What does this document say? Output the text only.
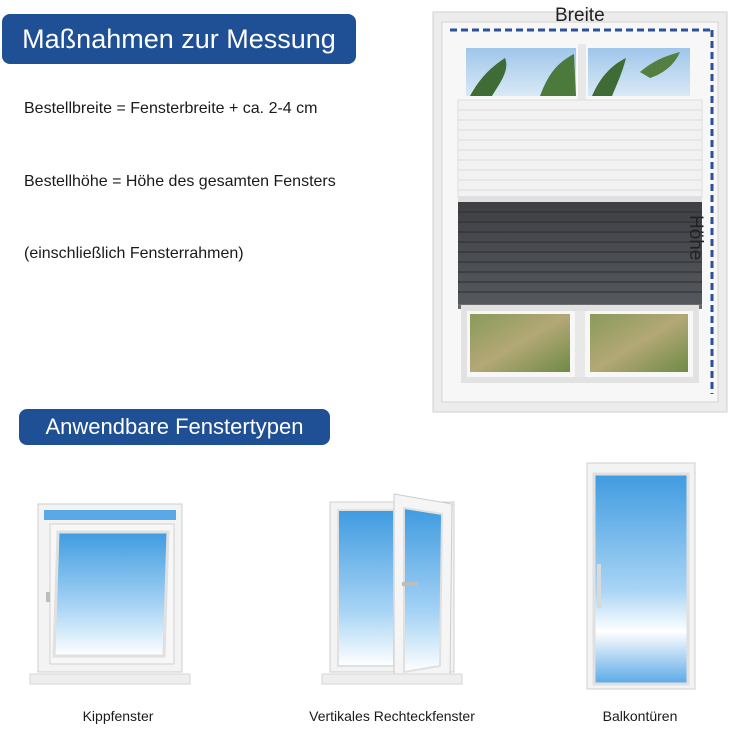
Maßnahmen zur Messung
Bestellbreite = Fensterbreite + ca. 2-4 cm
Bestellhöhe = Höhe des gesamten Fensters
(einschließlich Fensterrahmen)
Breite
Höhe
Anwendbare Fenstertypen
Kippfenster	Vertikales Rechteckfenster	Balkontüren
